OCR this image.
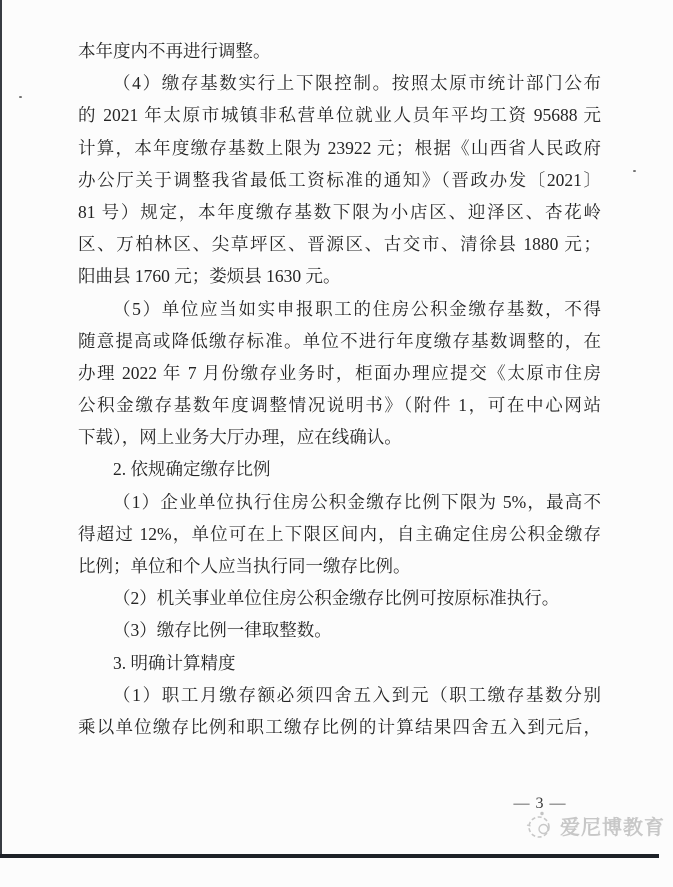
本年度内不再进行调整。
（4）缴存基数实行上下限控制。按照太原市统计部门公布
的 2021 年太原市城镇非私营单位就业人员年平均工资 95688 元
计算，本年度缴存基数上限为 23922 元；根据《山西省人民政府
办公厅关于调整我省最低工资标准的通知》（晋政办发〔2021〕
81 号）规定，本年度缴存基数下限为小店区、迎泽区、杏花岭
区、万柏林区、尖草坪区、晋源区、古交市、清徐县 1880 元；
阳曲县 1760 元；娄烦县 1630 元。
（5）单位应当如实申报职工的住房公积金缴存基数，不得
随意提高或降低缴存标准。单位不进行年度缴存基数调整的，在
办理 2022 年 7 月份缴存业务时，柜面办理应提交《太原市住房
公积金缴存基数年度调整情况说明书》（附件 1，可在中心网站
下载），网上业务大厅办理，应在线确认。
2. 依规确定缴存比例
（1）企业单位执行住房公积金缴存比例下限为 5%，最高不
得超过 12%，单位可在上下限区间内，自主确定住房公积金缴存
比例；单位和个人应当执行同一缴存比例。
（2）机关事业单位住房公积金缴存比例可按原标准执行。
（3）缴存比例一律取整数。
3. 明确计算精度
（1）职工月缴存额必须四舍五入到元（职工缴存基数分别
乘以单位缴存比例和职工缴存比例的计算结果四舍五入到元后，
— 3 —
爱尼博教育
